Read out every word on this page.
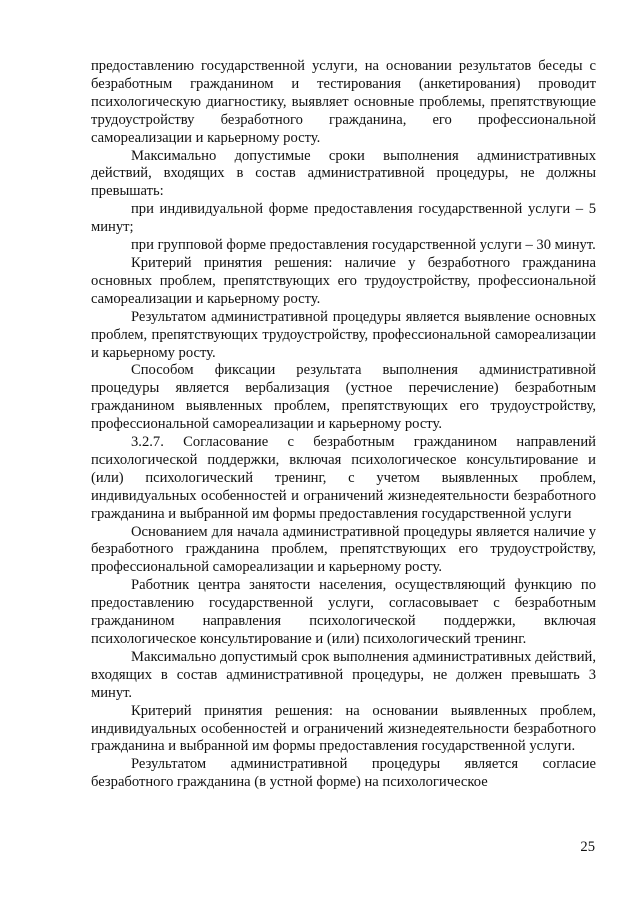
предоставлению государственной услуги, на основании результатов беседы с безработным гражданином и тестирования (анкетирования) проводит психологическую диагностику, выявляет основные проблемы, препятствующие трудоустройству безработного гражданина, его профессиональной самореализации и карьерному росту.

Максимально допустимые сроки выполнения административных действий, входящих в состав административной процедуры, не должны превышать:

при индивидуальной форме предоставления государственной услуги – 5 минут;

при групповой форме предоставления государственной услуги – 30 минут.

Критерий принятия решения: наличие у безработного гражданина основных проблем, препятствующих его трудоустройству, профессиональной самореализации и карьерному росту.

Результатом административной процедуры является выявление основных проблем, препятствующих трудоустройству, профессиональной самореализации и карьерному росту.

Способом фиксации результата выполнения административной процедуры является вербализация (устное перечисление) безработным гражданином выявленных проблем, препятствующих его трудоустройству, профессиональной самореализации и карьерному росту.

3.2.7. Согласование с безработным гражданином направлений психологической поддержки, включая психологическое консультирование и (или) психологический тренинг, с учетом выявленных проблем, индивидуальных особенностей и ограничений жизнедеятельности безработного гражданина и выбранной им формы предоставления государственной услуги

Основанием для начала административной процедуры является наличие у безработного гражданина проблем, препятствующих его трудоустройству, профессиональной самореализации и карьерному росту.

Работник центра занятости населения, осуществляющий функцию по предоставлению государственной услуги, согласовывает с безработным гражданином направления психологической поддержки, включая психологическое консультирование и (или) психологический тренинг.

Максимально допустимый срок выполнения административных действий, входящих в состав административной процедуры, не должен превышать 3 минут.

Критерий принятия решения: на основании выявленных проблем, индивидуальных особенностей и ограничений жизнедеятельности безработного гражданина и выбранной им формы предоставления государственной услуги.

Результатом административной процедуры является согласие безработного гражданина (в устной форме) на психологическое

25
